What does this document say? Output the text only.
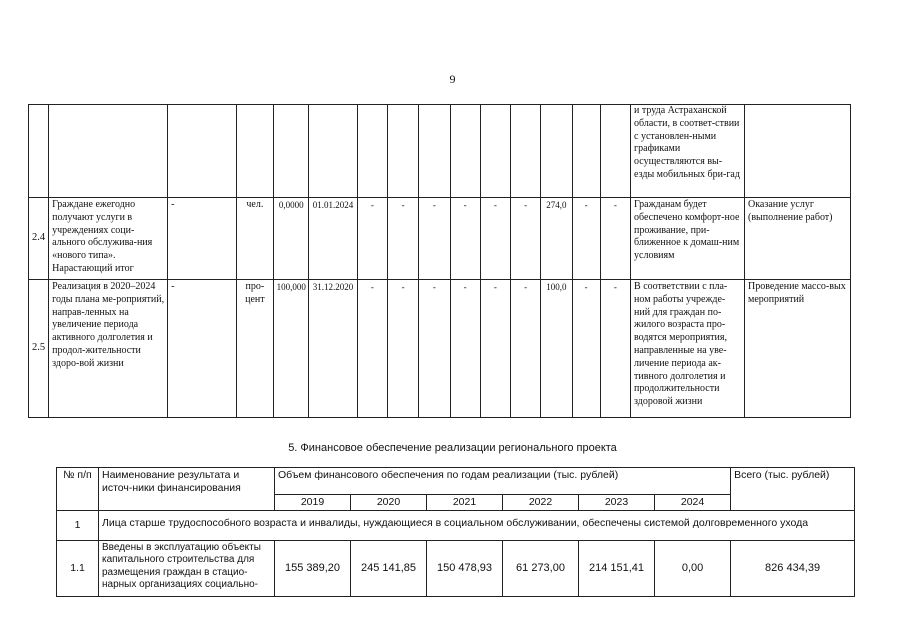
9
															и труда Астраханской области, в соответ-ствии с установлен-ными графиками осуществляются вы-езды мобильных бри-гад	
2.4	Граждане ежегодно получают услуги в учреждениях соци-ального обслужива-ния «нового типа». Нарастающий итог	-	чел.	0,0000	01.01.2024	-	-	-	-	-	-	274,0	-	-	Гражданам будет обеспечено комфорт-ное проживание, при-ближенное к домаш-ним условиям	Оказание услуг (выполнение работ)
2.5	Реализация в 2020–2024 годы плана ме-роприятий, направ-ленных на увеличение периода активного долголетия и продол-жительности здоро-вой жизни	-	про-цент	100,000	31.12.2020	-	-	-	-	-	-	100,0	-	-	В соответствии с пла-ном работы учрежде-ний для граждан по-жилого возраста про-водятся мероприятия, направленные на уве-личение периода ак-тивного долголетия и продолжительности здоровой жизни	Проведение массо-вых мероприятий
5. Финансовое обеспечение реализации регионального проекта
№ п/п	Наименование результата и источ-ники финансирования	Объем финансового обеспечения по годам реализации (тыс. рублей)						Всего (тыс. рублей)
		2019	2020	2021	2022	2023	2024	
1	Лица старше трудоспособного возраста и инвалиды, нуждающиеся в социальном обслуживании, обеспечены системой долговременного ухода							
1.1	Введены в эксплуатацию объекты капитального строительства для размещения граждан в стацио-нарных организациях социально-	155 389,20	245 141,85	150 478,93	61 273,00	214 151,41	0,00	826 434,39
